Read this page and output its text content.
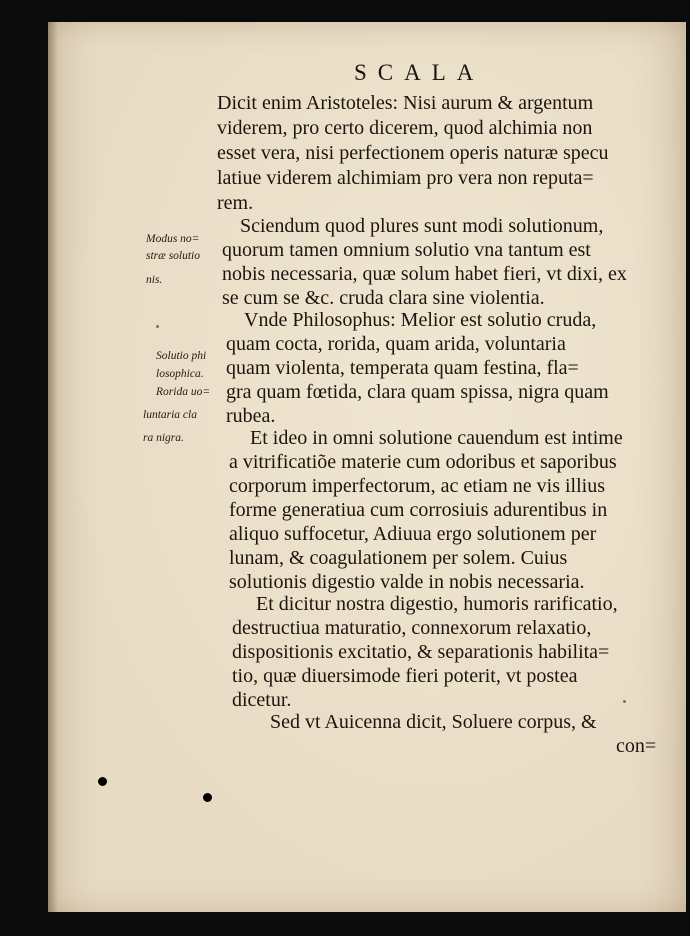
SCALA
Dicit enim Aristoteles: Nisi aurum & argentum
viderem, pro certo dicerem, quod alchimia non
esset vera, nisi perfectionem operis naturæ specu
latiue viderem alchimiam pro vera non reputa=
rem.
Sciendum quod plures sunt modi solutionum,
quorum tamen omnium solutio vna tantum est
nobis necessaria, quæ solum habet fieri, vt dixi, ex
se cum se &c. cruda clara sine violentia.
Vnde Philosophus: Melior est solutio cruda,
quam cocta, rorida, quam arida, voluntaria
quam violenta, temperata quam festina, fla=
gra quam fœtida, clara quam spissa, nigra quam
rubea.
Et ideo in omni solutione cauendum est intime
a vitrificatiõe materie cum odoribus et saporibus
corporum imperfectorum, ac etiam ne vis illius
forme generatiua cum corrosiuis adurentibus in
aliquo suffocetur, Adiuua ergo solutionem per
lunam, & coagulationem per solem. Cuius
solutionis digestio valde in nobis necessaria.
Et dicitur nostra digestio, humoris rarificatio,
destructiua maturatio, connexorum relaxatio,
dispositionis excitatio, & separationis habilita=
tio, quæ diuersimode fieri poterit, vt postea
dicetur.
Sed vt Auicenna dicit, Soluere corpus, &
con=
Modus no=
stræ solutio
nis.
Solutio phi
losophica.
Rorida uo=
luntaria cla
ra nigra.
